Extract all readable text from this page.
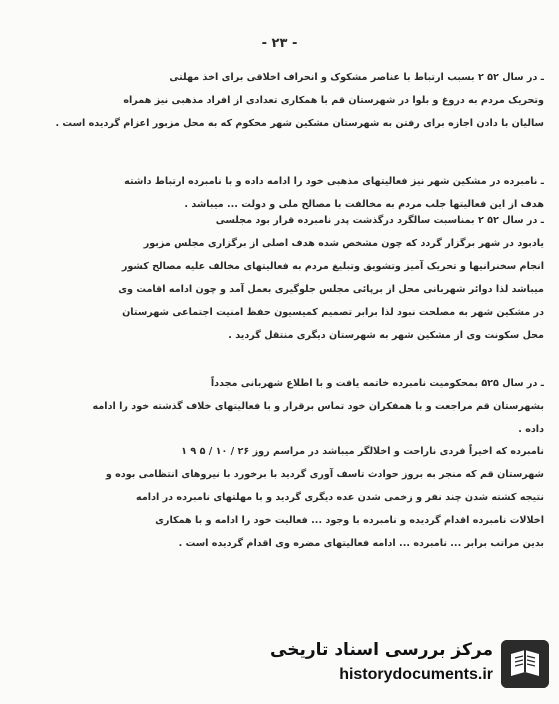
- ۲۳ -
ـ در سال ۵۲ ۲ بسبب ارتباط با عناصر مشکوک و انحراف اخلاقی برای اخذ مهلتی
وتحریک مردم به دروغ و بلوا در شهرستان قم با همکاری تعدادی از افراد مذهبی نیز همراه
سالیان با دادن اجازه برای رفتن به شهرستان مشکین شهر محکوم که به محل مزبور اعزام گردیده است .
ـ نامبرده در مشکین شهر نیز فعالیتهای مذهبی خود را ادامه داده و با نامبرده ارتباط داشته
هدف از این فعالیتها جلب مردم به مخالفت با مصالح ملی و دولت ... میباشد .
ـ در سال ۵۲ ۲ بمناسبت سالگرد درگذشت پدر نامبرده قرار بود مجلسی
یادبود در شهر برگزار گردد که چون مشخص شده هدف اصلی از برگزاری مجلس مزبور
انجام سخنرانیها و تحریک آمیز وتشویق وتبلیغ مردم به فعالیتهای مخالف علیه مصالح کشور
میباشد لذا دوائر شهربانی محل از برپائی مجلس جلوگیری بعمل آمد و چون ادامه اقامت وی
در مشکین شهر به مصلحت نبود لذا برابر تصمیم کمیسیون حفظ امنیت اجتماعی شهرستان
محل سکونت وی از مشکین شهر به شهرستان دیگری منتقل گردید .
ـ در سال ۵۲۵ بمحکومیت نامبرده خاتمه یافت و با اطلاع شهربانی مجدداً
بشهرستان قم مراجعت و با همفکران خود تماس برقرار و با فعالیتهای خلاف گذشته خود را ادامه
داده .
نامبرده که اخیراً فردی ناراحت و اخلالگر میباشد در مراسم روز ۲۶ / ۱۰ / ۵ ۹ ۱
شهرستان قم که منجر به بروز حوادث تاسف آوری گردید با برخورد با نیروهای انتظامی بوده و
نتیجه کشته شدن چند نفر و زخمی شدن عده دیگری گردید و با مهلتهای نامبرده در ادامه
اخلالات نامبرده اقدام گردیده و نامبرده با وجود ... فعالیت خود را ادامه و با همکاری
بدین مراتب برابر ... نامبرده ... ادامه فعالیتهای مضره وی اقدام گردیده است .
مرکز بررسی اسناد تاریخی
historydocuments.ir
